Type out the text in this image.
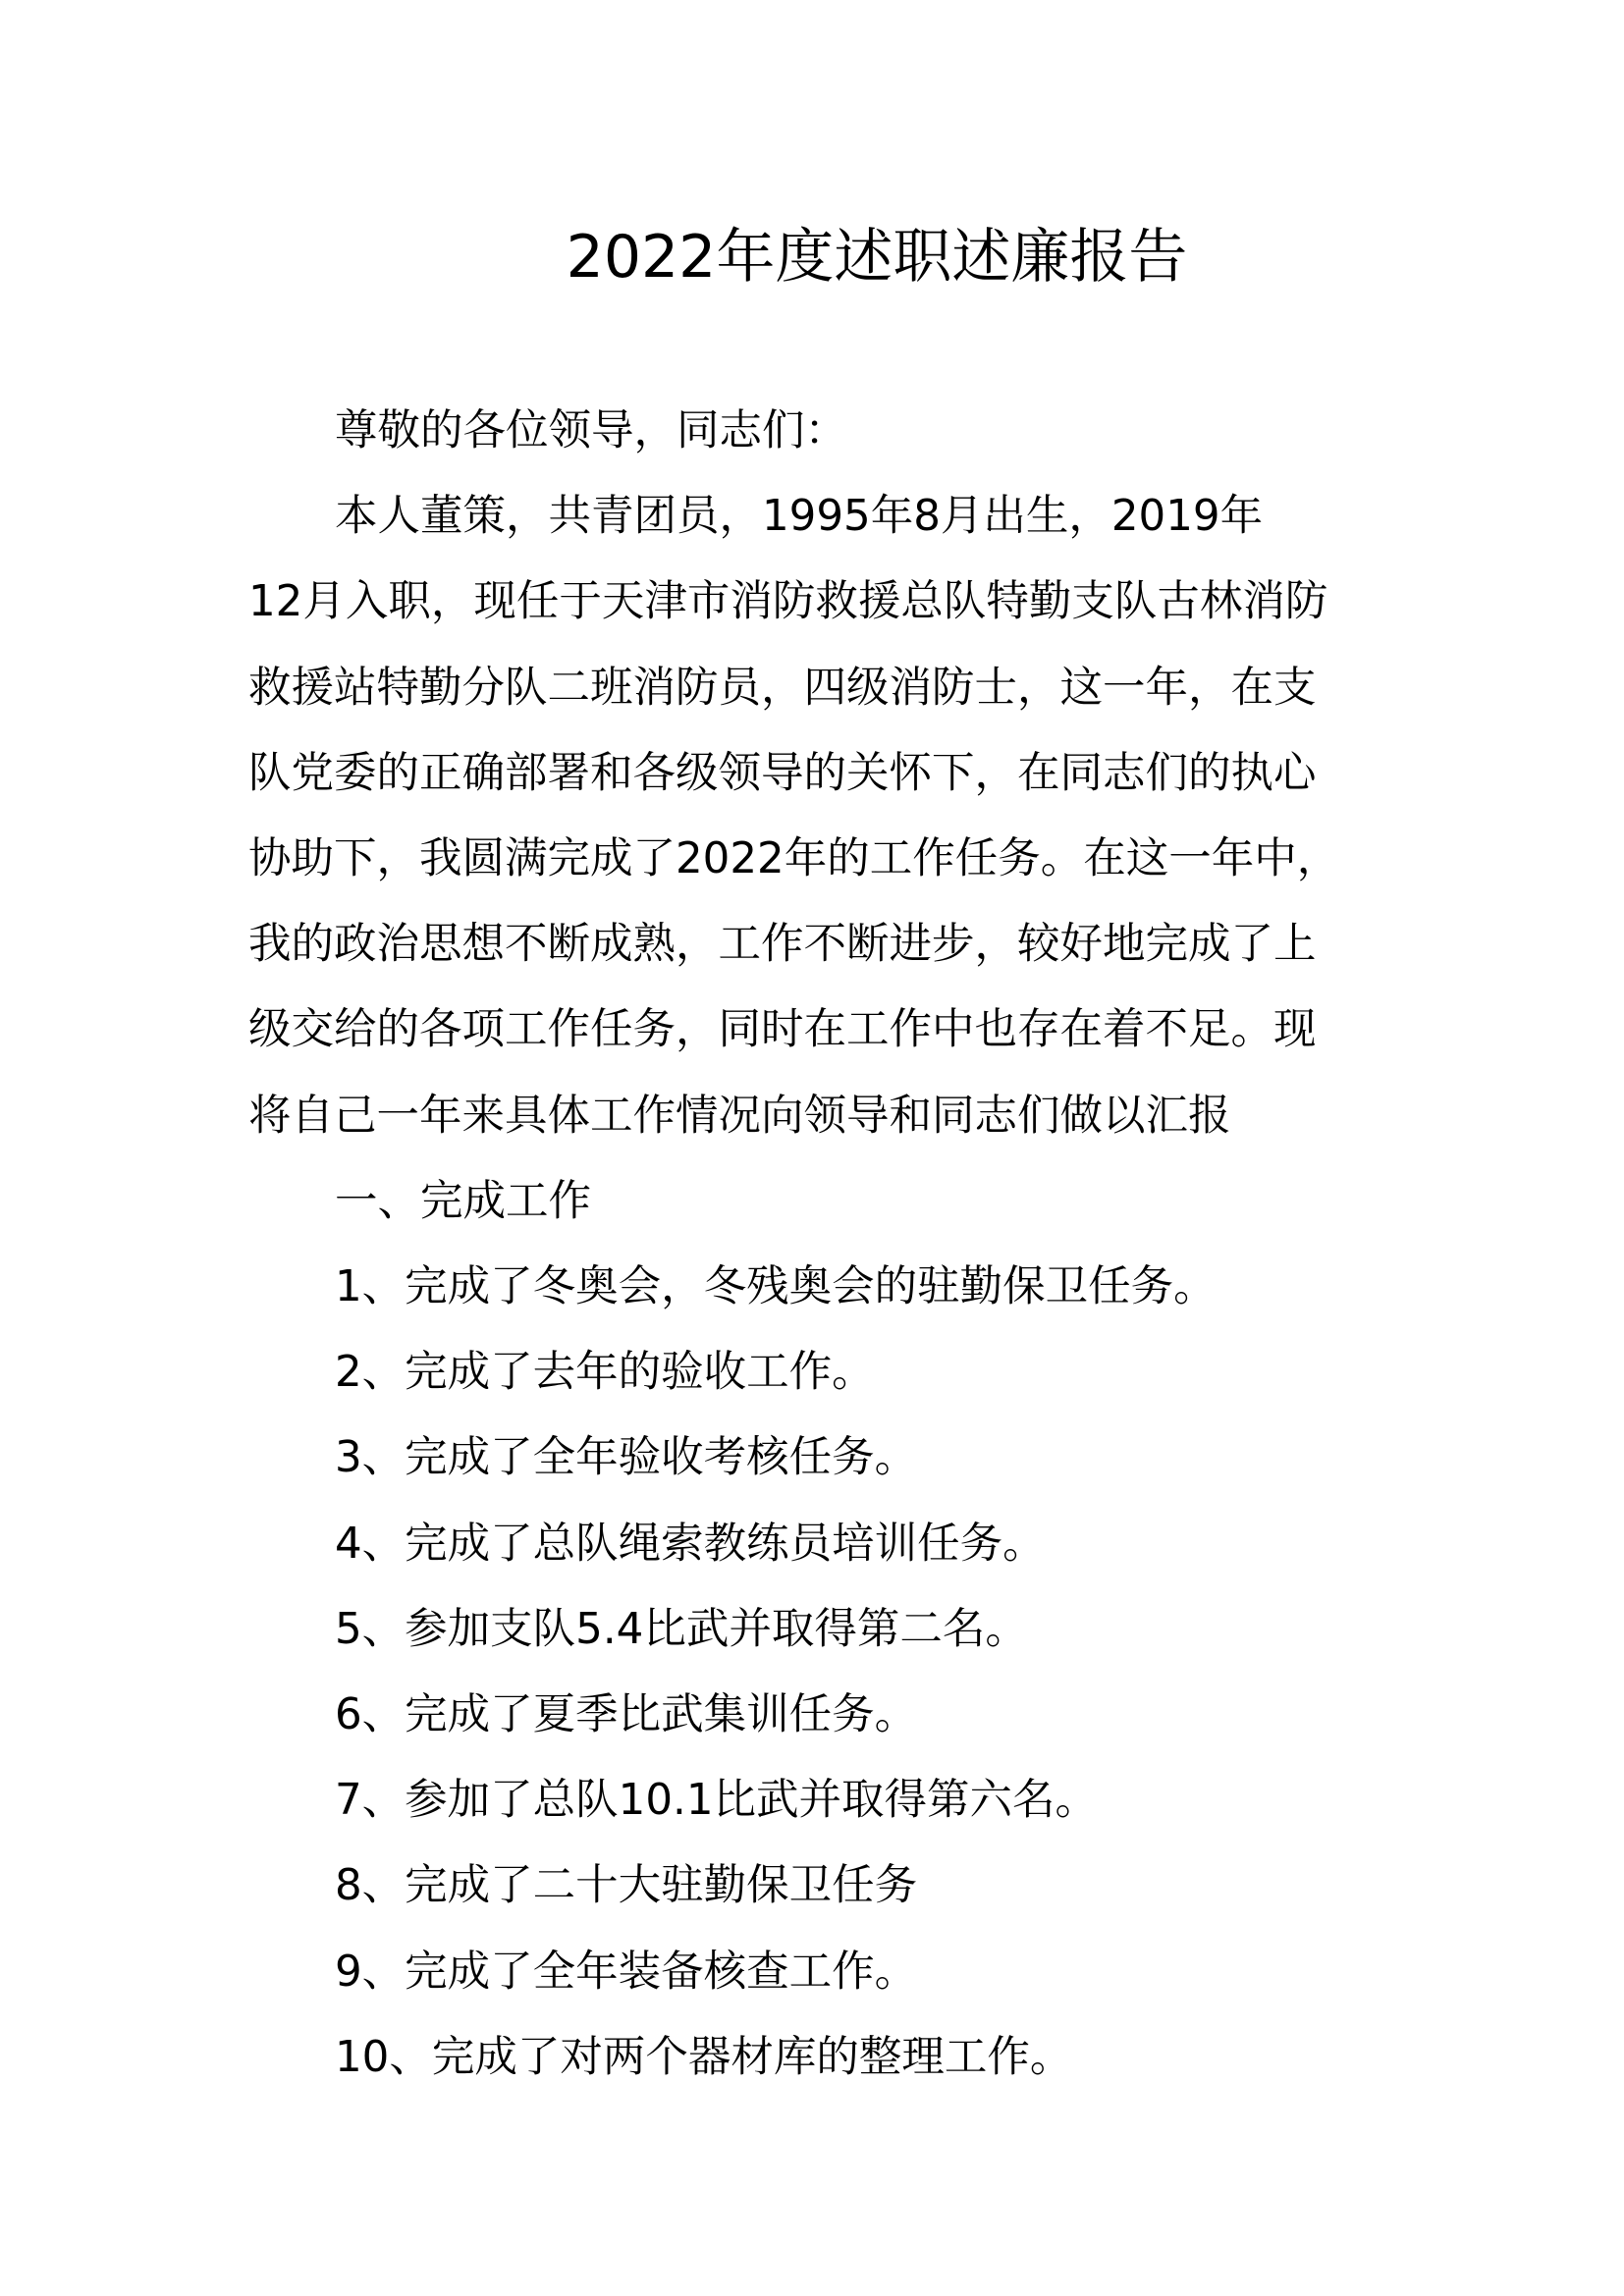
2022年度述职述廉报告
尊敬的各位领导，同志们：
本人董策，共青团员，1995年8月出生，2019年
12月入职，现任于天津市消防救援总队特勤支队古林消防
救援站特勤分队二班消防员，四级消防士，这一年，在支
队党委的正确部署和各级领导的关怀下，在同志们的执心
协助下，我圆满完成了2022年的工作任务。在这一年中，
我的政治思想不断成熟，工作不断进步，较好地完成了上
级交给的各项工作任务，同时在工作中也存在着不足。现
将自己一年来具体工作情况向领导和同志们做以汇报
一、完成工作
1、完成了冬奥会，冬残奥会的驻勤保卫任务。
2、完成了去年的验收工作。
3、完成了全年验收考核任务。
4、完成了总队绳索教练员培训任务。
5、参加支队5.4比武并取得第二名。
6、完成了夏季比武集训任务。
7、参加了总队10.1比武并取得第六名。
8、完成了二十大驻勤保卫任务
9、完成了全年装备核查工作。
10、完成了对两个器材库的整理工作。
